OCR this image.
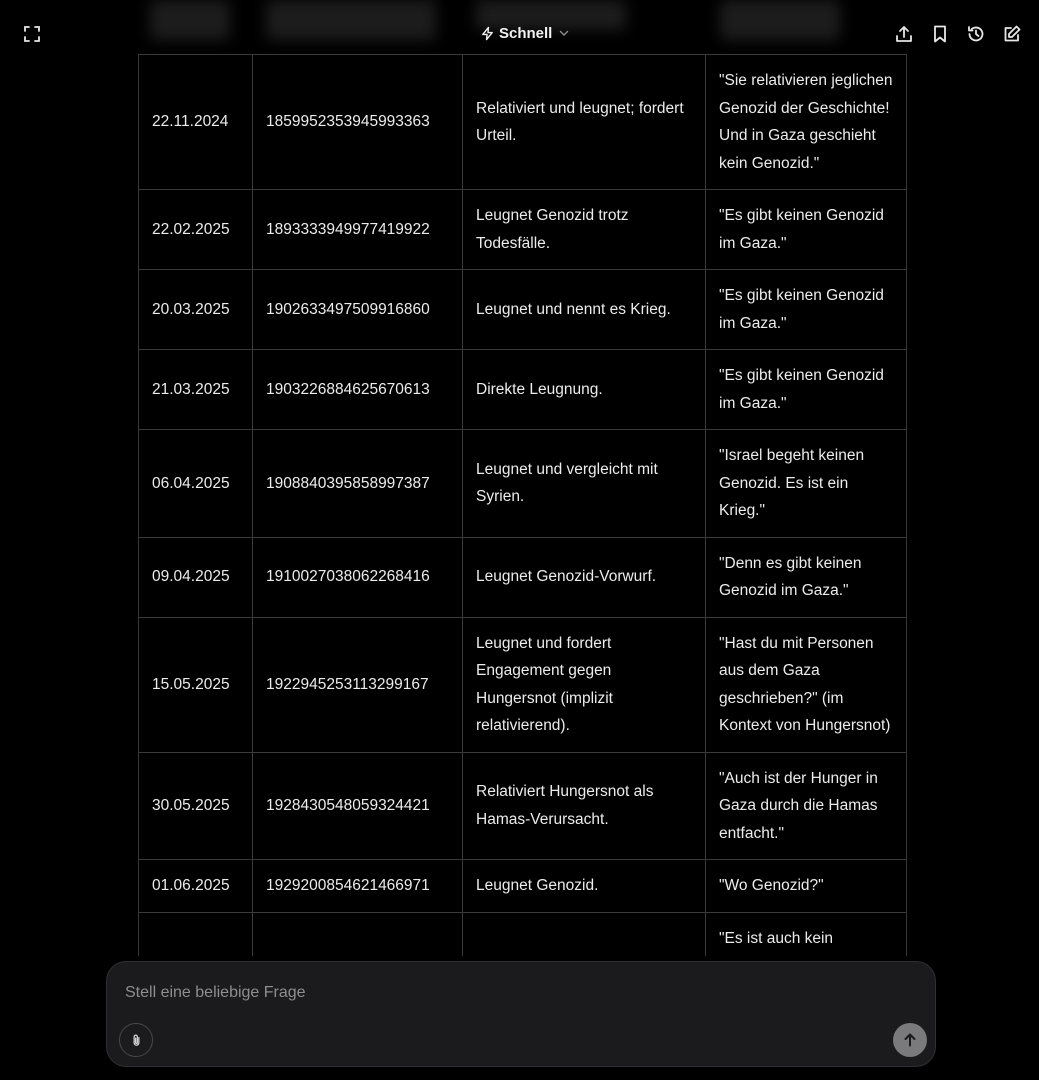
Schnell
22.11.2024	1859952353945993363	Relativiert und leugnet; fordert Urteil.	"Sie relativieren jeglichen Genozid der Geschichte! Und in Gaza geschieht kein Genozid."
22.02.2025	1893333949977419922	Leugnet Genozid trotz Todesfälle.	"Es gibt keinen Genozid im Gaza."
20.03.2025	1902633497509916860	Leugnet und nennt es Krieg.	"Es gibt keinen Genozid im Gaza."
21.03.2025	1903226884625670613	Direkte Leugnung.	"Es gibt keinen Genozid im Gaza."
06.04.2025	1908840395858997387	Leugnet und vergleicht mit Syrien.	"Israel begeht keinen Genozid. Es ist ein Krieg."
09.04.2025	1910027038062268416	Leugnet Genozid-Vorwurf.	"Denn es gibt keinen Genozid im Gaza."
15.05.2025	1922945253113299167	Leugnet und fordert Engagement gegen Hungersnot (implizit relativierend).	"Hast du mit Personen aus dem Gaza geschrieben?" (im Kontext von Hungersnot)
30.05.2025	1928430548059324421	Relativiert Hungersnot als Hamas-Verursacht.	"Auch ist der Hunger in Gaza durch die Hamas entfacht."
01.06.2025	1929200854621466971	Leugnet Genozid.	"Wo Genozid?"
			"Es ist auch kein
Stell eine beliebige Frage
